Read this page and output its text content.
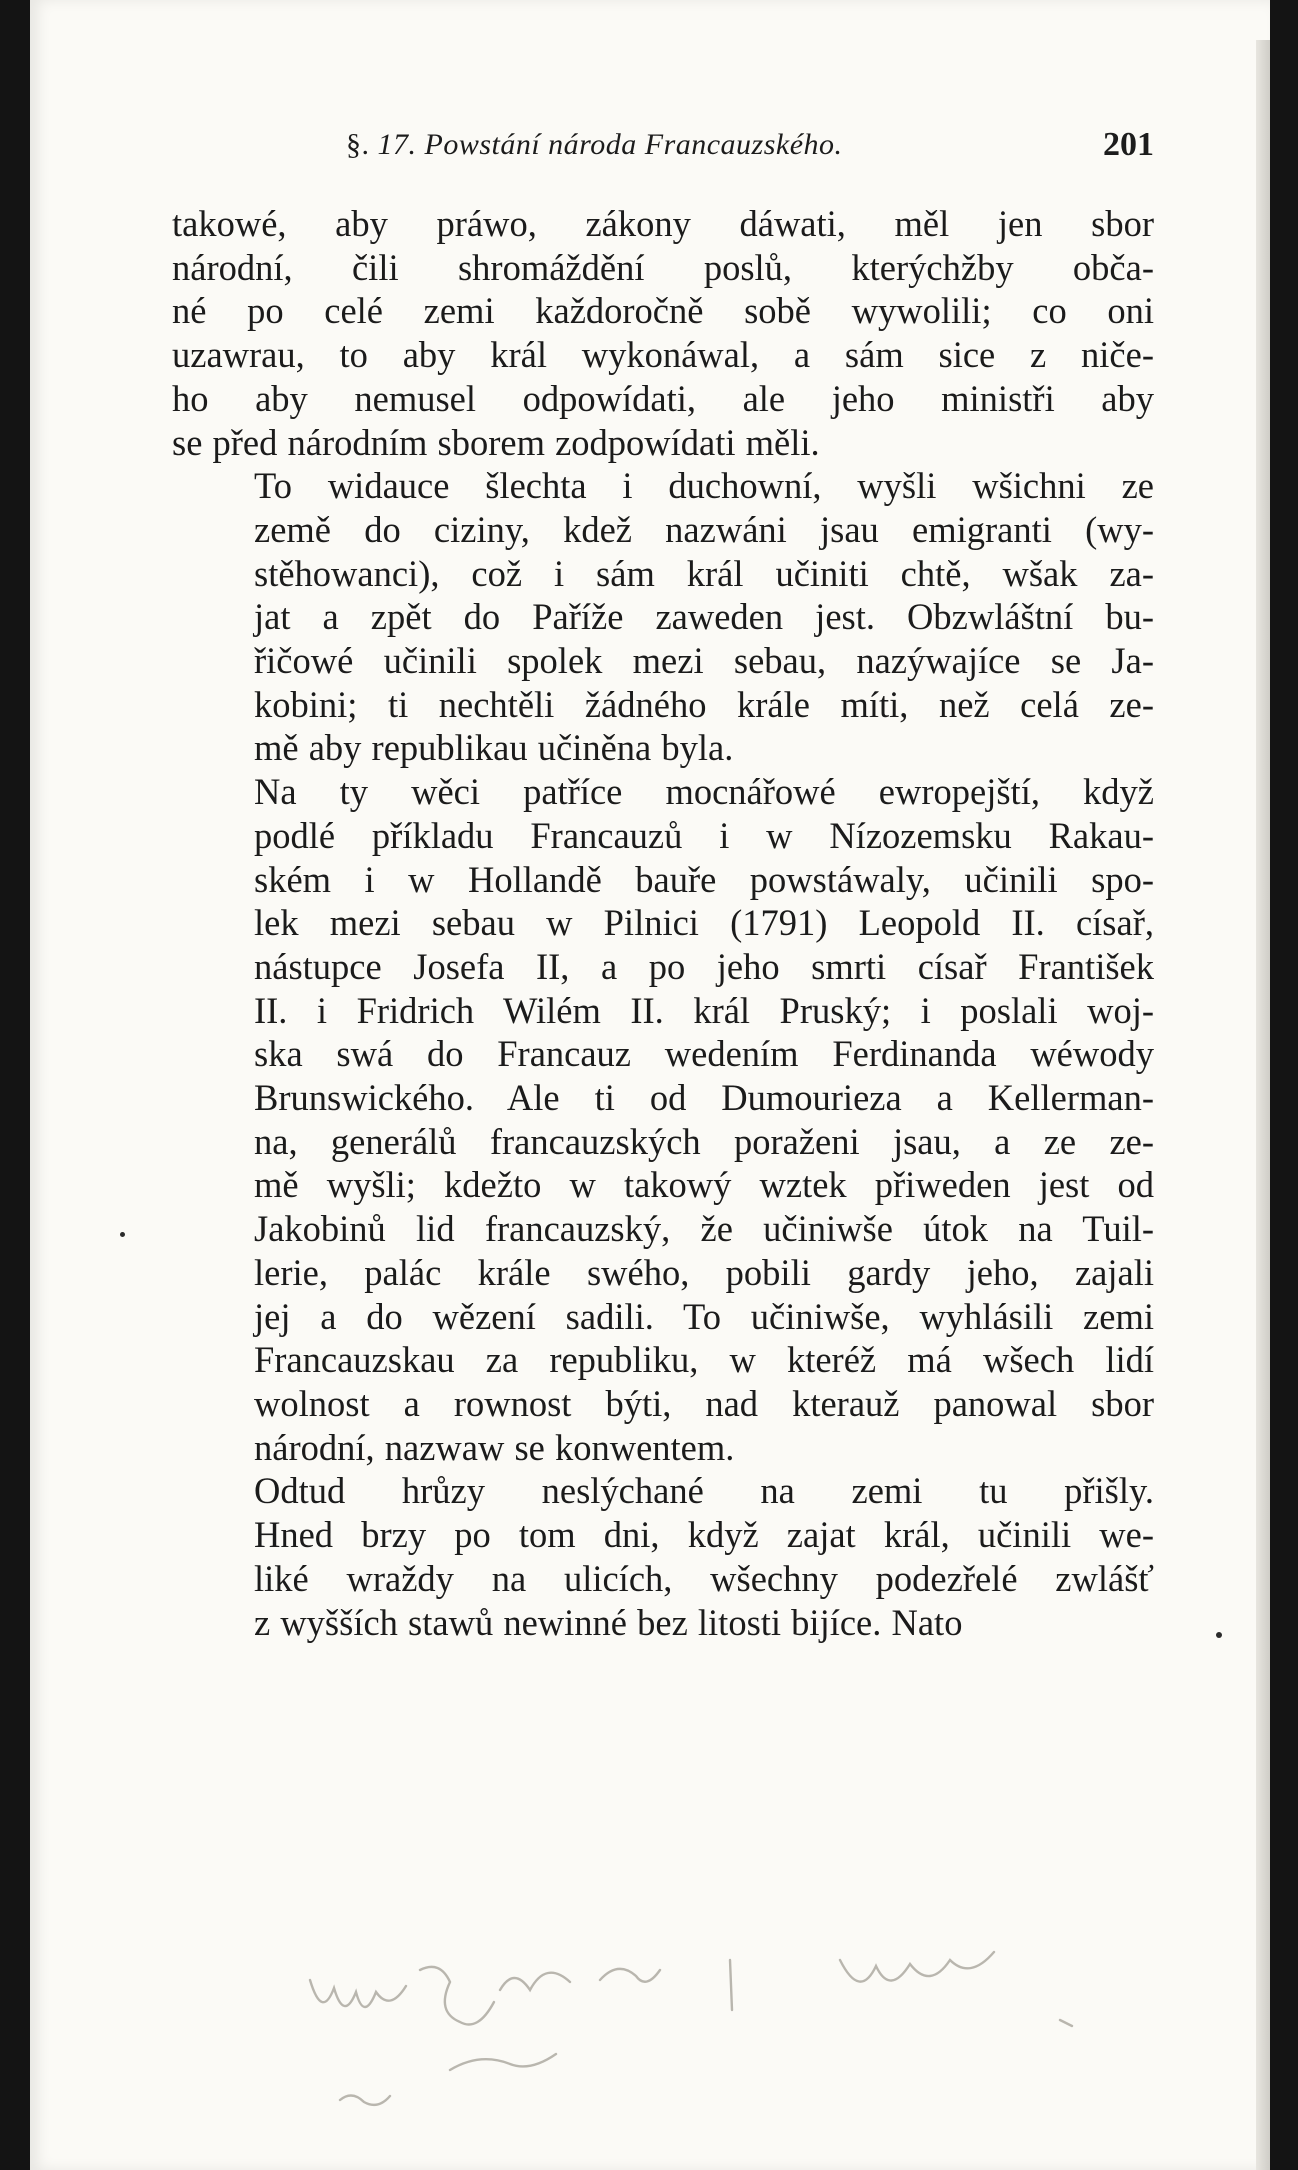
§. 17. Powstání národa Francauzského.	201

takowé, aby práwo, zákony dáwati, měl jen sbor
národní, čili shromáždění poslů, kterýchžby obča-
né po celé zemi každoročně sobě wywolili; co oni
uzawrau, to aby král wykonáwal, a sám sice z niče-
ho aby nemusel odpowídati, ale jeho ministři aby
se před národním sborem zodpowídati měli.

To widauce šlechta i duchowní, wyšli wšichni ze
země do ciziny, kdež nazwáni jsau emigranti (wy-
stěhowanci), což i sám král učiniti chtě, wšak za-
jat a zpět do Paříže zaweden jest. Obzwláštní bu-
řičowé učinili spolek mezi sebau, nazýwajíce se Ja-
kobini; ti nechtěli žádného krále míti, než celá ze-
mě aby republikau učiněna byla.

Na ty wěci patříce mocnářowé ewropejští, když
podlé příkladu Francauzů i w Nízozemsku Rakau-
ském i w Hollandě bauře powstáwaly, učinili spo-
lek mezi sebau w Pilnici (1791) Leopold II. císař,
nástupce Josefa II, a po jeho smrti císař František
II. i Fridrich Wilém II. král Pruský; i poslali woj-
ska swá do Francauz wedením Ferdinanda wéwody
Brunswického. Ale ti od Dumourieza a Kellerman-
na, generálů francauzských poraženi jsau, a ze ze-
mě wyšli; kdežto w takowý wztek přiweden jest od
Jakobinů lid francauzský, že učiniwše útok na Tuil-
lerie, palác krále swého, pobili gardy jeho, zajali
jej a do wězení sadili. To učiniwše, wyhlásili zemi
Francauzskau za republiku, w kteréž má wšech lidí
wolnost a rownost býti, nad kterauž panowal sbor
národní, nazwaw se konwentem.

Odtud hrůzy neslýchané na zemi tu přišly.
Hned brzy po tom dni, když zajat král, učinili we-
liké wraždy na ulicích, wšechny podezřelé zwlášť
z wyšších stawů newinné bez litosti bijíce. Nato
